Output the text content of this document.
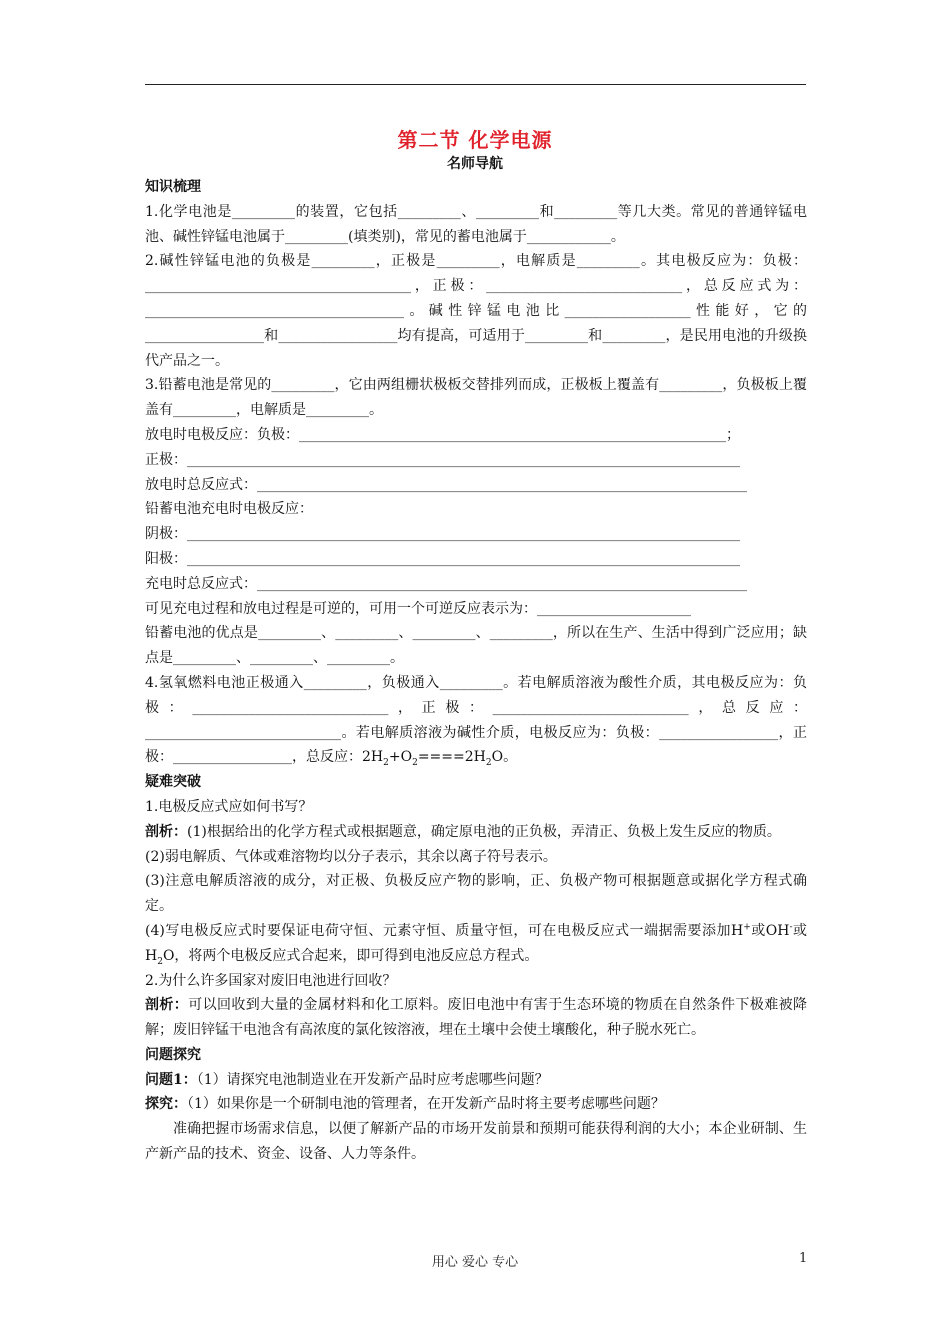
第二节 化学电源
名师导航

知识梳理

1.化学电池是_________的装置，它包括_________、_________和_________等几大类。常见的普通锌锰电池、碱性锌锰电池属于_________(填类别)，常见的蓄电池属于____________。

2.碱性锌锰电池的负极是_________，正极是_________，电解质是_________。其电极反应为：负极：______________________________________，正极：____________________________，总反应式为：_____________________________________。碱性锌锰电池比__________________性能好，它的_________________和_________________均有提高，可适用于_________和_________，是民用电池的升级换代产品之一。

3.铅蓄电池是常见的_________，它由两组栅状极板交替排列而成，正极板上覆盖有_________，负极板上覆盖有_________，电解质是_________。

放电时电极反应：负极：_____________________________________________________________；

正极：_______________________________________________________________________________

放电时总反应式：______________________________________________________________________

铅蓄电池充电时电极反应：

阴极：_______________________________________________________________________________

阳极：_______________________________________________________________________________

充电时总反应式：______________________________________________________________________

可见充电过程和放电过程是可逆的，可用一个可逆反应表示为：______________________

铅蓄电池的优点是_________、_________、_________、_________，所以在生产、生活中得到广泛应用；缺点是_________、_________、_________。

4.氢氧燃料电池正极通入_________，负极通入_________。若电解质溶液为酸性介质，其电极反应为：负极：____________________________，正极：____________________________，总反应：____________________________。若电解质溶液为碱性介质，电极反应为：负极：_________________，正极：_________________，总反应：$2H_2+O_2====2H_2O$。

疑难突破

1.电极反应式应如何书写？

剖析：(1)根据给出的化学方程式或根据题意，确定原电池的正负极，弄清正、负极上发生反应的物质。

(2)弱电解质、气体或难溶物均以分子表示，其余以离子符号表示。

(3)注意电解质溶液的成分，对正极、负极反应产物的影响，正、负极产物可根据题意或据化学方程式确定。

(4)写电极反应式时要保证电荷守恒、元素守恒、质量守恒，可在电极反应式一端据需要添加H+或OH-或$H_2O$，将两个电极反应式合起来，即可得到电池反应总方程式。

2.为什么许多国家对废旧电池进行回收？

剖析：可以回收到大量的金属材料和化工原料。废旧电池中有害于生态环境的物质在自然条件下极难被降解；废旧锌锰干电池含有高浓度的氯化铵溶液，埋在土壤中会使土壤酸化，种子脱水死亡。

问题探究

问题1：（1）请探究电池制造业在开发新产品时应考虑哪些问题？

探究：（1）如果你是一个研制电池的管理者，在开发新产品时将主要考虑哪些问题？

准确把握市场需求信息，以便了解新产品的市场开发前景和预期可能获得利润的大小；本企业研制、生产新产品的技术、资金、设备、人力等条件。

用心 爱心 专心	1
